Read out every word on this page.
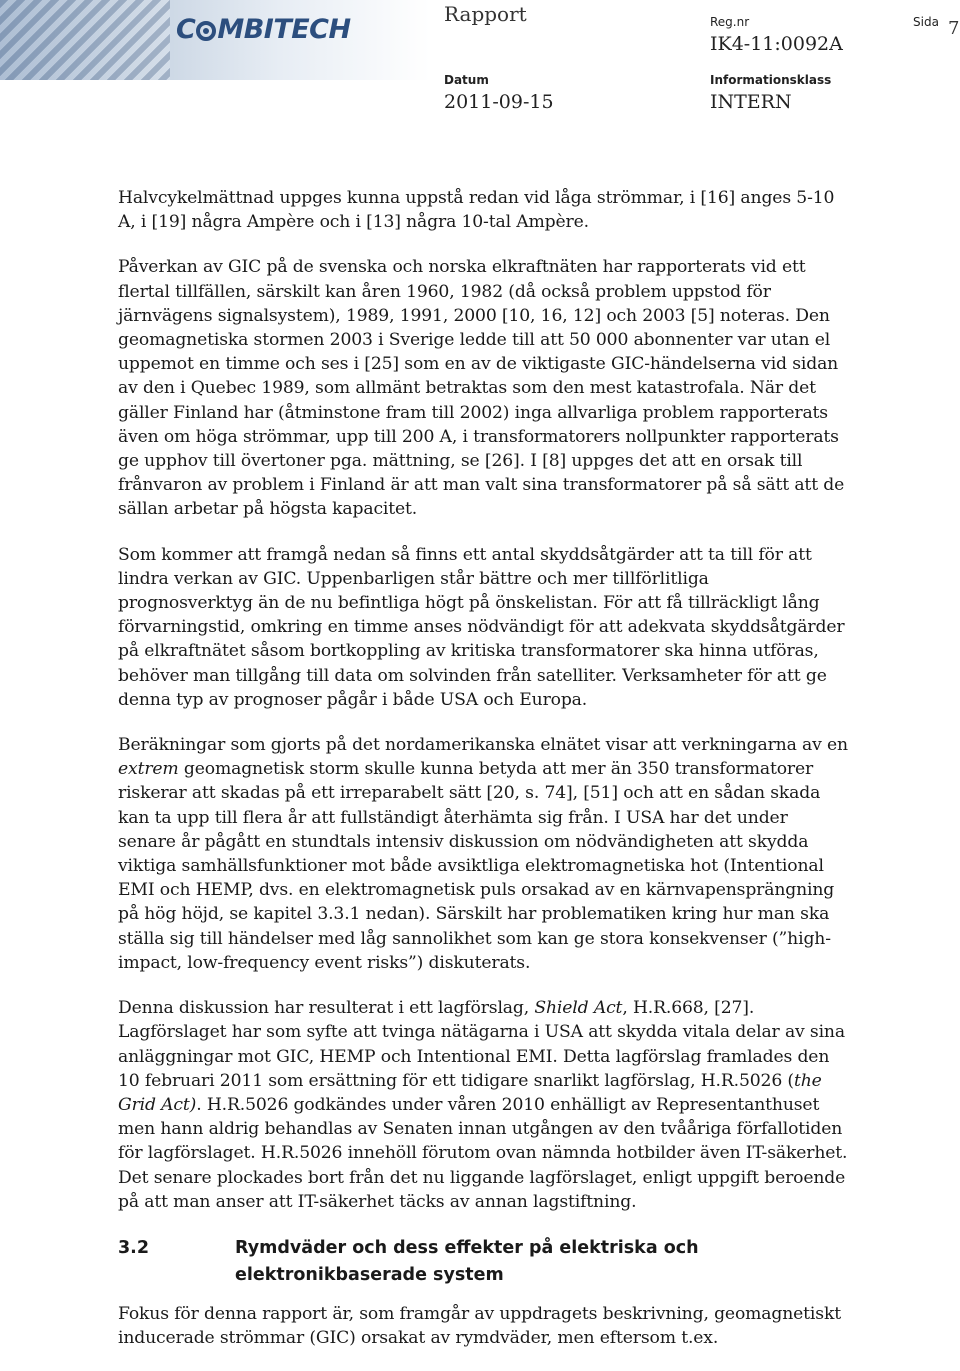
C MBITECH	Rapport	Reg.nr
IK4-11:0092A
Sida 7
Datum
2011-09-15
Informationsklass
INTERN

Halvcykelmättnad uppges kunna uppstå redan vid låga strömmar, i [16] anges 5-10 A, i [19] några Ampère och i [13] några 10-tal Ampère.

Påverkan av GIC på de svenska och norska elkraftnäten har rapporterats vid ett flertal tillfällen, särskilt kan åren 1960, 1982 (då också problem uppstod för järnvägens signalsystem), 1989, 1991, 2000 [10, 16, 12] och 2003 [5] noteras. Den geomagnetiska stormen 2003 i Sverige ledde till att 50 000 abonnenter var utan el uppemot en timme och ses i [25] som en av de viktigaste GIC-händelserna vid sidan av den i Quebec 1989, som allmänt betraktas som den mest katastrofala. När det gäller Finland har (åtminstone fram till 2002) inga allvarliga problem rapporterats även om höga strömmar, upp till 200 A, i transformatorers nollpunkter rapporterats ge upphov till övertoner pga. mättning, se [26]. I [8] uppges det att en orsak till frånvaron av problem i Finland är att man valt sina transformatorer på så sätt att de sällan arbetar på högsta kapacitet.

Som kommer att framgå nedan så finns ett antal skyddsåtgärder att ta till för att lindra verkan av GIC. Uppenbarligen står bättre och mer tillförlitliga prognosverktyg än de nu befintliga högt på önskelistan. För att få tillräckligt lång förvarningstid, omkring en timme anses nödvändigt för att adekvata skyddsåtgärder på elkraftnätet såsom bortkoppling av kritiska transformatorer ska hinna utföras, behöver man tillgång till data om solvinden från satelliter. Verksamheter för att ge denna typ av prognoser pågår i både USA och Europa.

Beräkningar som gjorts på det nordamerikanska elnätet visar att verkningarna av en extrem geomagnetisk storm skulle kunna betyda att mer än 350 transformatorer riskerar att skadas på ett irreparabelt sätt [20, s. 74], [51] och att en sådan skada kan ta upp till flera år att fullständigt återhämta sig från. I USA har det under senare år pågått en stundtals intensiv diskussion om nödvändigheten att skydda viktiga samhällsfunktioner mot både avsiktliga elektromagnetiska hot (Intentional EMI och HEMP, dvs. en elektromagnetisk puls orsakad av en kärnvapensprängning på hög höjd, se kapitel 3.3.1 nedan). Särskilt har problematiken kring hur man ska ställa sig till händelser med låg sannolikhet som kan ge stora konsekvenser (”high-impact, low-frequency event risks”) diskuterats.

Denna diskussion har resulterat i ett lagförslag, Shield Act, H.R.668, [27]. Lagförslaget har som syfte att tvinga nätägarna i USA att skydda vitala delar av sina anläggningar mot GIC, HEMP och Intentional EMI. Detta lagförslag framlades den 10 februari 2011 som ersättning för ett tidigare snarlikt lagförslag, H.R.5026 (the Grid Act). H.R.5026 godkändes under våren 2010 enhälligt av Representanthuset men hann aldrig behandlas av Senaten innan utgången av den tvååriga förfallotiden för lagförslaget. H.R.5026 innehöll förutom ovan nämnda hotbilder även IT-säkerhet. Det senare plockades bort från det nu liggande lagförslaget, enligt uppgift beroende på att man anser att IT-säkerhet täcks av annan lagstiftning.

3.2	Rymdväder och dess effekter på elektriska och elektronikbaserade system

Fokus för denna rapport är, som framgår av uppdragets beskrivning, geomagnetiskt inducerade strömmar (GIC) orsakat av rymdväder, men eftersom t.ex.
